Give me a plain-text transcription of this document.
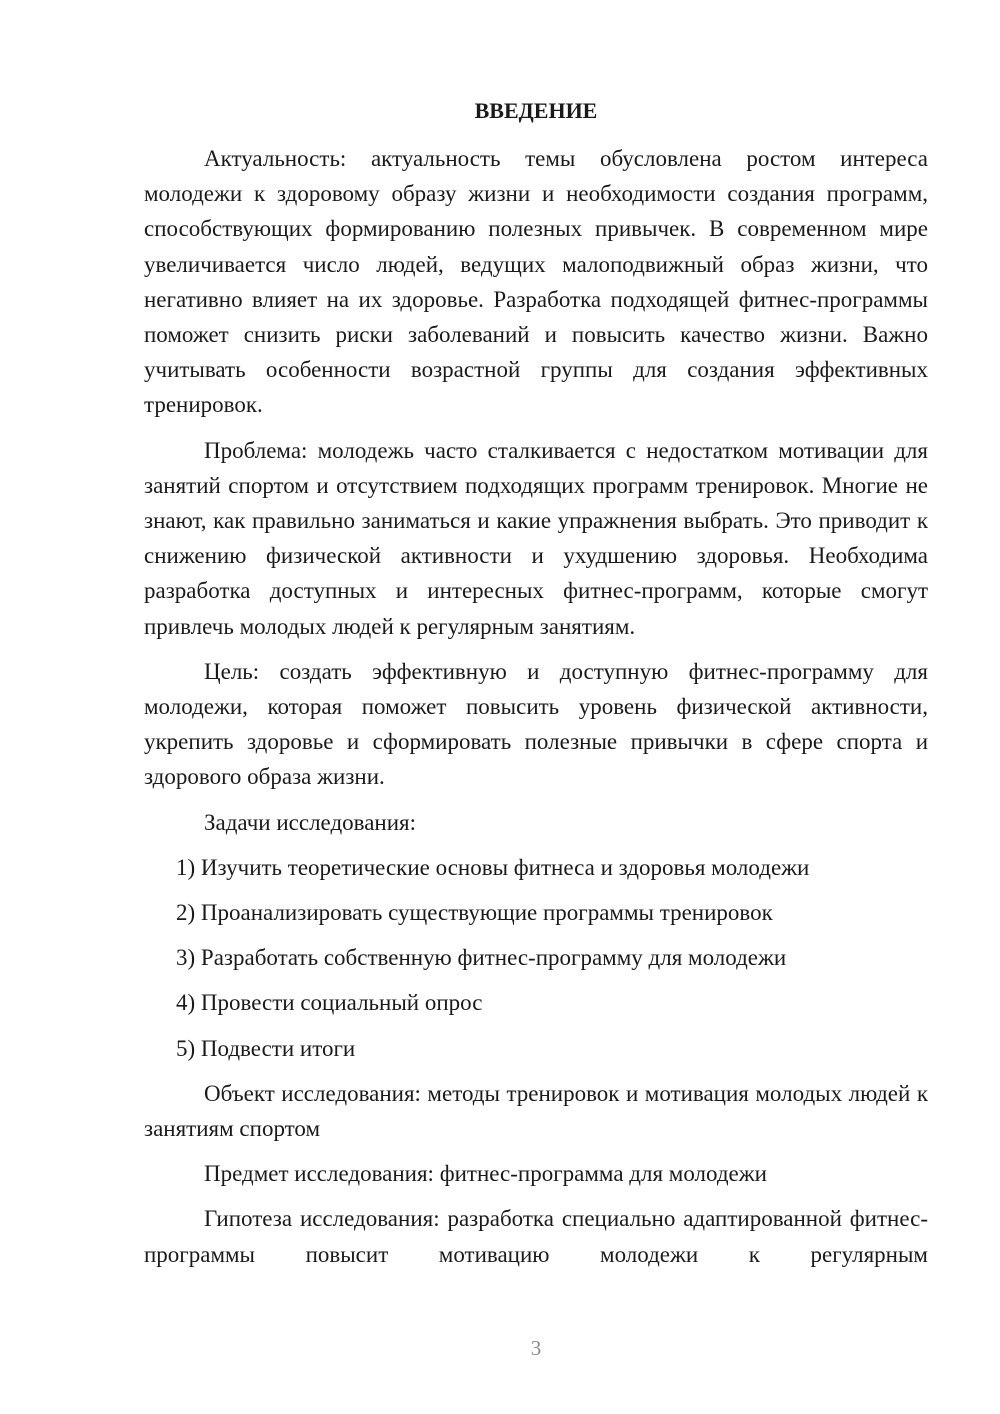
ВВЕДЕНИЕ

Актуальность: актуальность темы обусловлена ростом интереса молодежи к здоровому образу жизни и необходимости создания программ, способствующих формированию полезных привычек. В современном мире увеличивается число людей, ведущих малоподвижный образ жизни, что негативно влияет на их здоровье. Разработка подходящей фитнес-программы поможет снизить риски заболеваний и повысить качество жизни. Важно учитывать особенности возрастной группы для создания эффективных тренировок.

Проблема: молодежь часто сталкивается с недостатком мотивации для занятий спортом и отсутствием подходящих программ тренировок. Многие не знают, как правильно заниматься и какие упражнения выбрать. Это приводит к снижению физической активности и ухудшению здоровья. Необходима разработка доступных и интересных фитнес-программ, которые смогут привлечь молодых людей к регулярным занятиям.

Цель: создать эффективную и доступную фитнес-программу для молодежи, которая поможет повысить уровень физической активности, укрепить здоровье и сформировать полезные привычки в сфере спорта и здорового образа жизни.

Задачи исследования:

1) Изучить теоретические основы фитнеса и здоровья молодежи

2) Проанализировать существующие программы тренировок

3) Разработать собственную фитнес-программу для молодежи

4) Провести социальный опрос

5) Подвести итоги

Объект исследования: методы тренировок и мотивация молодых людей к занятиям спортом

Предмет исследования: фитнес-программа для молодежи

Гипотеза исследования: разработка специально адаптированной фитнес-программы повысит мотивацию молодежи к регулярным

3
